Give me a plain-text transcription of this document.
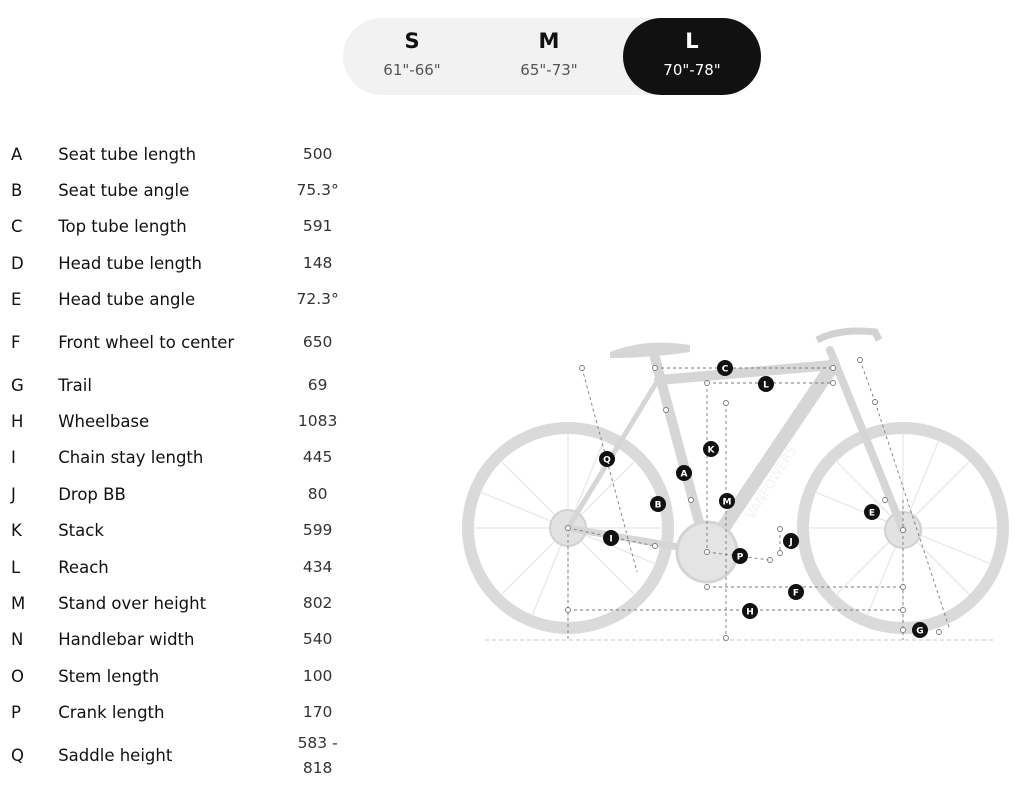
S
61"-66"
M
65"-73"
L
70"-78"
A	Seat tube length	500
B	Seat tube angle	75.3°
C	Top tube length	591
D	Head tube length	148
E	Head tube angle	72.3°
F	Front wheel to center	650
G	Trail	69
H	Wheelbase	1083
I	Chain stay length	445
J	Drop BB	80
K	Stack	599
L	Reach	434
M	Stand over height	802
N	Handlebar width	540
O	Stem length	100
P	Crank length	170
Q	Saddle height	583 - 818
VANPOWERS
C
L
K
Q
A
M
B
E
I	J
P
F
H
G
